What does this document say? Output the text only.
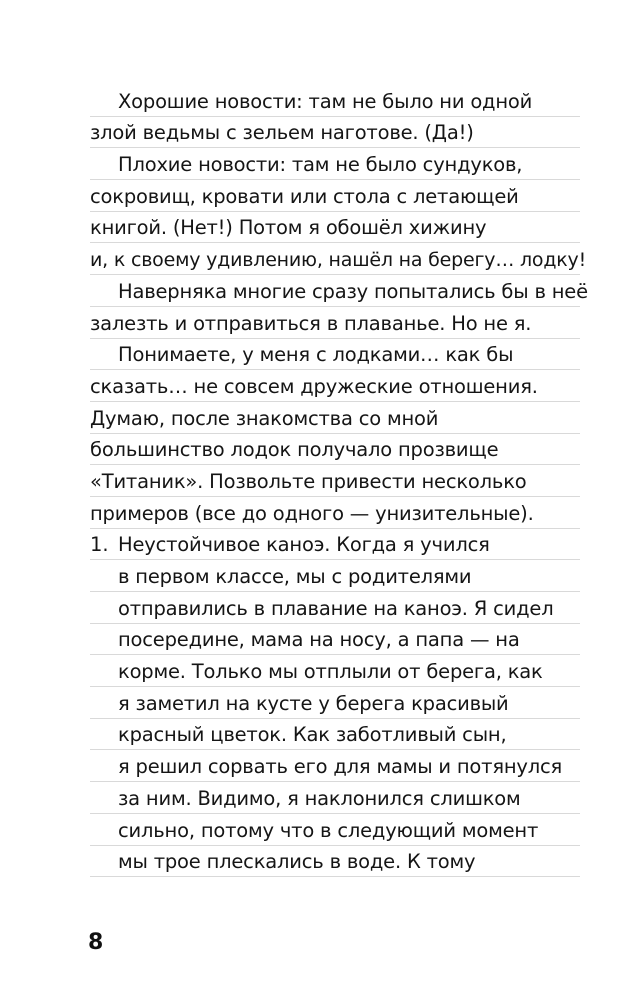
Хорошие новости: там не было ни одной
злой ведьмы с зельем наготове. (Да!)
Плохие новости: там не было сундуков,
сокровищ, кровати или стола с летающей
книгой. (Нет!) Потом я обошёл хижину
и, к своему удивлению, нашёл на берегу… лодку!
Наверняка многие сразу попытались бы в неё
залезть и отправиться в плаванье. Но не я.
Понимаете, у меня с лодками… как бы
сказать… не совсем дружеские отношения.
Думаю, после знакомства со мной
большинство лодок получало прозвище
«Титаник». Позвольте привести несколько
примеров (все до одного — унизительные).
1. Неустойчивое каноэ. Когда я учился
в первом классе, мы с родителями
отправились в плавание на каноэ. Я сидел
посередине, мама на носу, а папа — на
корме. Только мы отплыли от берега, как
я заметил на кусте у берега красивый
красный цветок. Как заботливый сын,
я решил сорвать его для мамы и потянулся
за ним. Видимо, я наклонился слишком
сильно, потому что в следующий момент
мы трое плескались в воде. К тому
8
